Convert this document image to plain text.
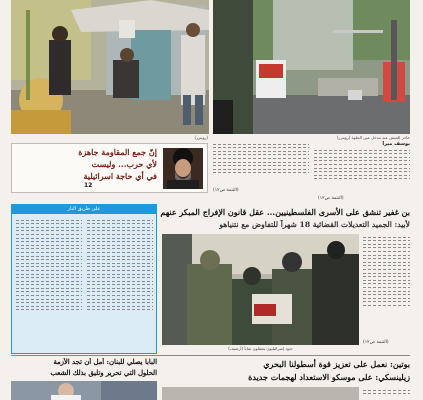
(رويترز)	حاجز الجيش عند مدخل عين الحلوة (رويترز)
(التتمة ص١٢)
يوسف ميرا
(التتمة ص١٢)
إنّ جمع المقاومة جاهزة
لأي حرب... وليست
في أي حاجة اسرائيلية
12
على طريق النار	بن غفير تنشق على الأسرى الفلسطينيين... عقل قانون الإفراج المبكر عنهم
لأبيد: الجميد التعديلات القضائية 18 شهراً للتفاوض مع نتنياهو
جنود إسرائيليون يعتقلون شاباً (أرشيف)
(التتمة ص١٢)
البابا يصلي للبنان: أمل أن تجد الأزمة
الحلول التي تحرير وتليق بذلك الشعب
بوتين: نعمل على تعزيز قوة أسطولنا البحري
زيلينسكي: على موسكو الاستعداد لهجمات جديدة
